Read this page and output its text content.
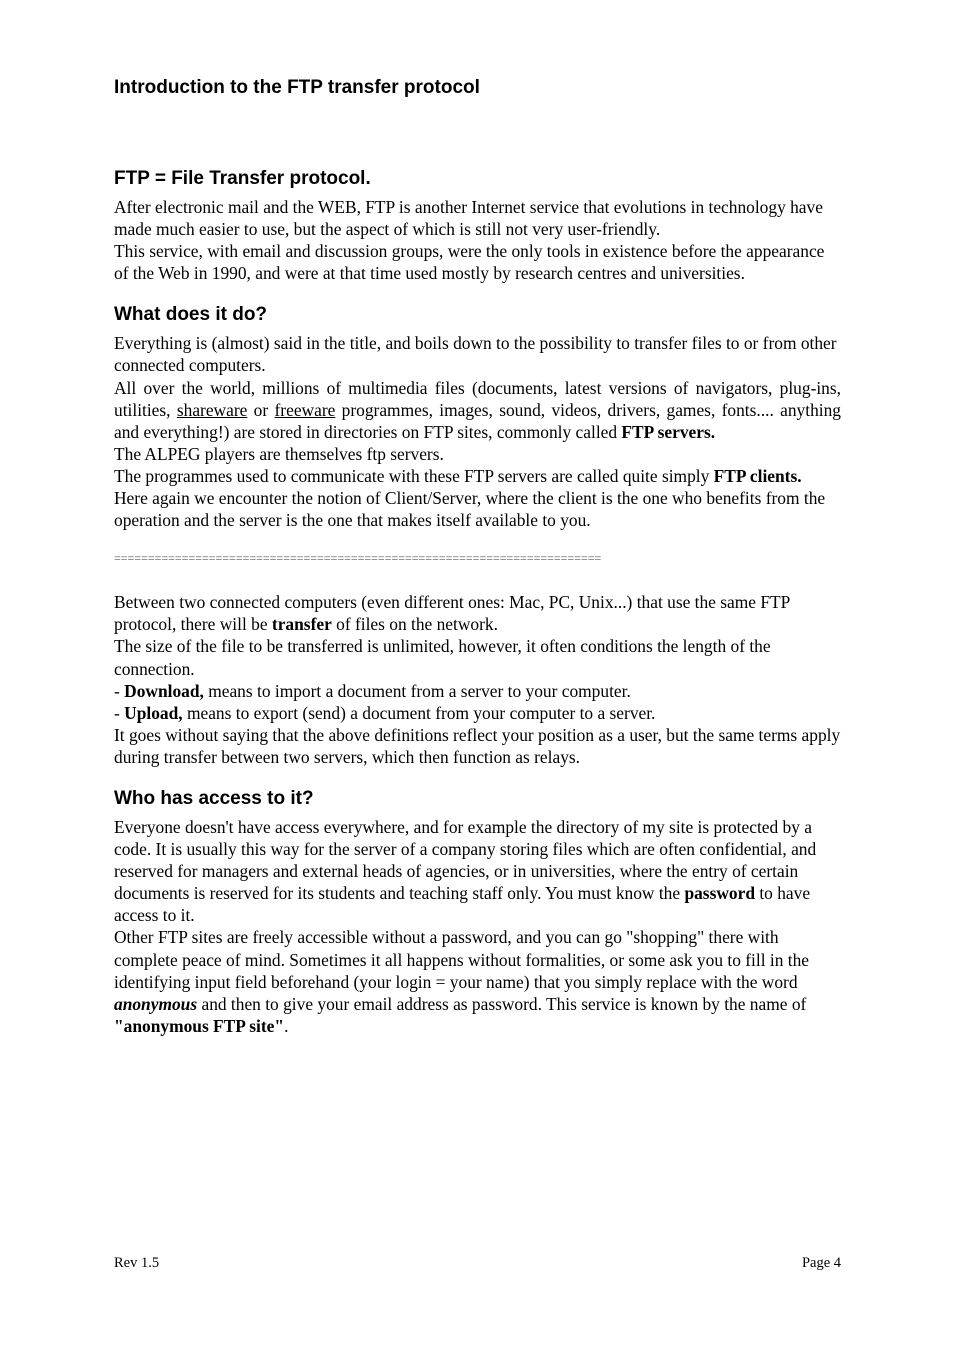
Introduction to the FTP transfer protocol
FTP = File Transfer protocol.

After electronic mail and the WEB, FTP is another Internet service that evolutions in technology have made much easier to use, but the aspect of which is still not very user-friendly.

This service, with email and discussion groups, were the only tools in existence before the appearance of the Web in 1990, and were at that time used mostly by research centres and universities.

What does it do?

Everything is (almost) said in the title, and boils down to the possibility to transfer files to or from other connected computers.

All over the world, millions of multimedia files (documents, latest versions of navigators, plug-ins, utilities, shareware or freeware programmes, images, sound, videos, drivers, games, fonts.... anything and everything!) are stored in directories on FTP sites, commonly called FTP servers.

The ALPEG players are themselves ftp servers.

The programmes used to communicate with these FTP servers are called quite simply FTP clients.

Here again we encounter the notion of Client/Server, where the client is the one who benefits from the operation and the server is the one that makes itself available to you.

========================================================================

Between two connected computers (even different ones: Mac, PC, Unix...) that use the same FTP protocol, there will be transfer of files on the network.

The size of the file to be transferred is unlimited, however, it often conditions the length of the connection.

- Download, means to import a document from a server to your computer.

- Upload, means to export (send) a document from your computer to a server.

It goes without saying that the above definitions reflect your position as a user, but the same terms apply during transfer between two servers, which then function as relays.

Who has access to it?

Everyone doesn't have access everywhere, and for example the directory of my site is protected by a code. It is usually this way for the server of a company storing files which are often confidential, and reserved for managers and external heads of agencies, or in universities, where the entry of certain documents is reserved for its students and teaching staff only. You must know the password to have access to it.

Other FTP sites are freely accessible without a password, and you can go "shopping" there with complete peace of mind. Sometimes it all happens without formalities, or some ask you to fill in the identifying input field beforehand (your login = your name) that you simply replace with the word anonymous and then to give your email address as password. This service is known by the name of "anonymous FTP site".

Rev 1.5	Page 4
